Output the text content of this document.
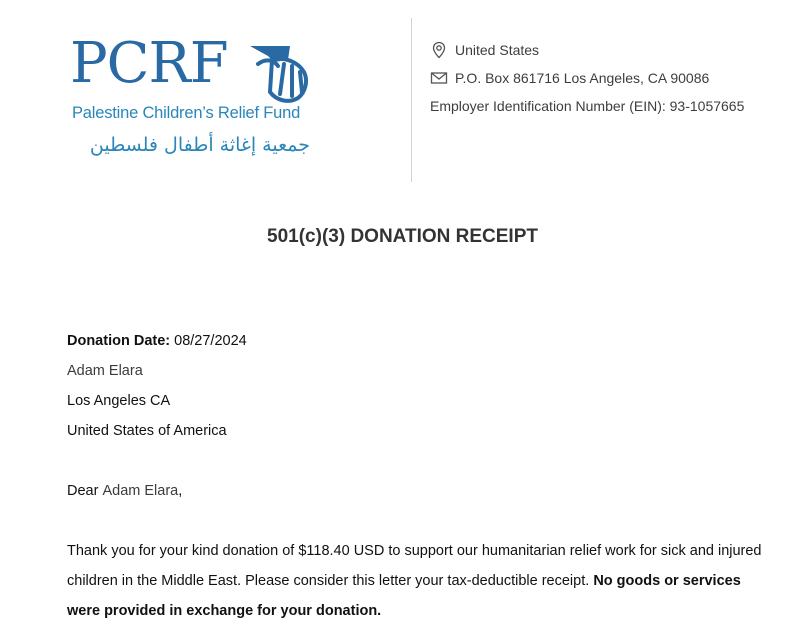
PCRF

Palestine Children’s Relief Fund

جمعية إغاثة أطفال فلسطين

United States
P.O. Box 861716 Los Angeles, CA 90086
Employer Identification Number (EIN): 93-1057665
501(c)(3) DONATION RECEIPT

Donation Date: 08/27/2024

Adam Elara

Los Angeles CA

United States of America

Dear Adam Elara,

Thank you for your kind donation of $118.40 USD to support our humanitarian relief work for sick and injured children in the Middle East. Please consider this letter your tax-deductible receipt. No goods or services were provided in exchange for your donation.
